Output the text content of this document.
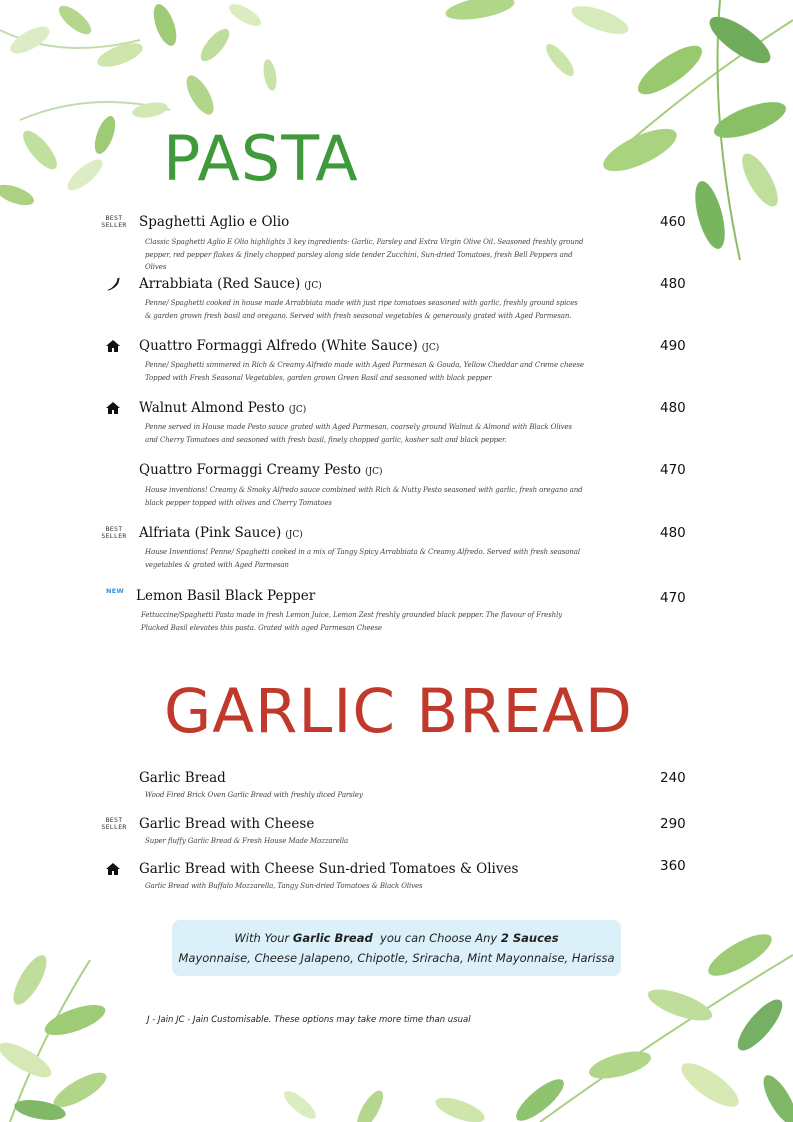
PASTA
BEST
SELLER Spaghetti Aglio e Olio	460
Classic Spaghetti Aglio E Olio highlights 3 key ingredients- Garlic, Parsley and Extra Virgin Olive Oil. Seasoned freshly ground pepper, red pepper flakes & finely chopped parsley along side tender Zucchini, Sun-dried Tomatoes, fresh Bell Peppers and Olives
Arrabbiata (Red Sauce) (JC)	480
Penne/ Spaghetti cooked in house made Arrabbiata made with just ripe tomatoes seasoned with garlic, freshly ground spices & garden grown fresh basil and oregano. Served with fresh seasonal vegetables & generously grated with Aged Parmesan.
Quattro Formaggi Alfredo (White Sauce) (JC)	490
Penne/ Spaghetti simmered in Rich & Creamy Alfredo made with Aged Parmesan & Gouda, Yellow Cheddar and Creme cheese Topped with Fresh Seasonal Vegetables, garden grown Green Basil and seasoned with black pepper
Walnut Almond Pesto (JC)	480
Penne served in House made Pesto sauce grated with Aged Parmesan, coarsely ground Walnut & Almond with Black Olives and Cherry Tomatoes and seasoned with fresh basil, finely chopped garlic, kosher salt and black pepper.
Quattro Formaggi Creamy Pesto (JC)	470
House inventions! Creamy & Smoky Alfredo sauce combined with Rich & Nutty Pesto seasoned with garlic, fresh oregano and black pepper topped with olives and Cherry Tomatoes
BEST
SELLER Alfriata (Pink Sauce) (JC)	480
House Inventions! Penne/ Spaghetti cooked in a mix of Tangy Spicy Arrabbiata & Creamy Alfredo. Served with fresh seasonal vegetables & grated with Aged Parmesan
NEW Lemon Basil Black Pepper	470
Fettuccine/Spaghetti Pasta made in fresh Lemon Juice, Lemon Zest freshly grounded black pepper. The flavour of Freshly Plucked Basil elevates this pasta. Grated with aged Parmesan Cheese
GARLIC BREAD
Garlic Bread	240
Wood Fired Brick Oven Garlic Bread with freshly diced Parsley
BEST
SELLER Garlic Bread with Cheese	290
Super fluffy Garlic Bread & Fresh House Made Mozzarella
Garlic Bread with Cheese Sun-dried Tomatoes & Olives	360
Garlic Bread with Buffalo Mozzarella, Tangy Sun-dried Tomatoes & Black Olives
With Your Garlic Bread  you can Choose Any 2 Sauces
Mayonnaise, Cheese Jalapeno, Chipotle, Sriracha, Mint Mayonnaise, Harissa
J - Jain JC - Jain Customisable. These options may take more time than usual
